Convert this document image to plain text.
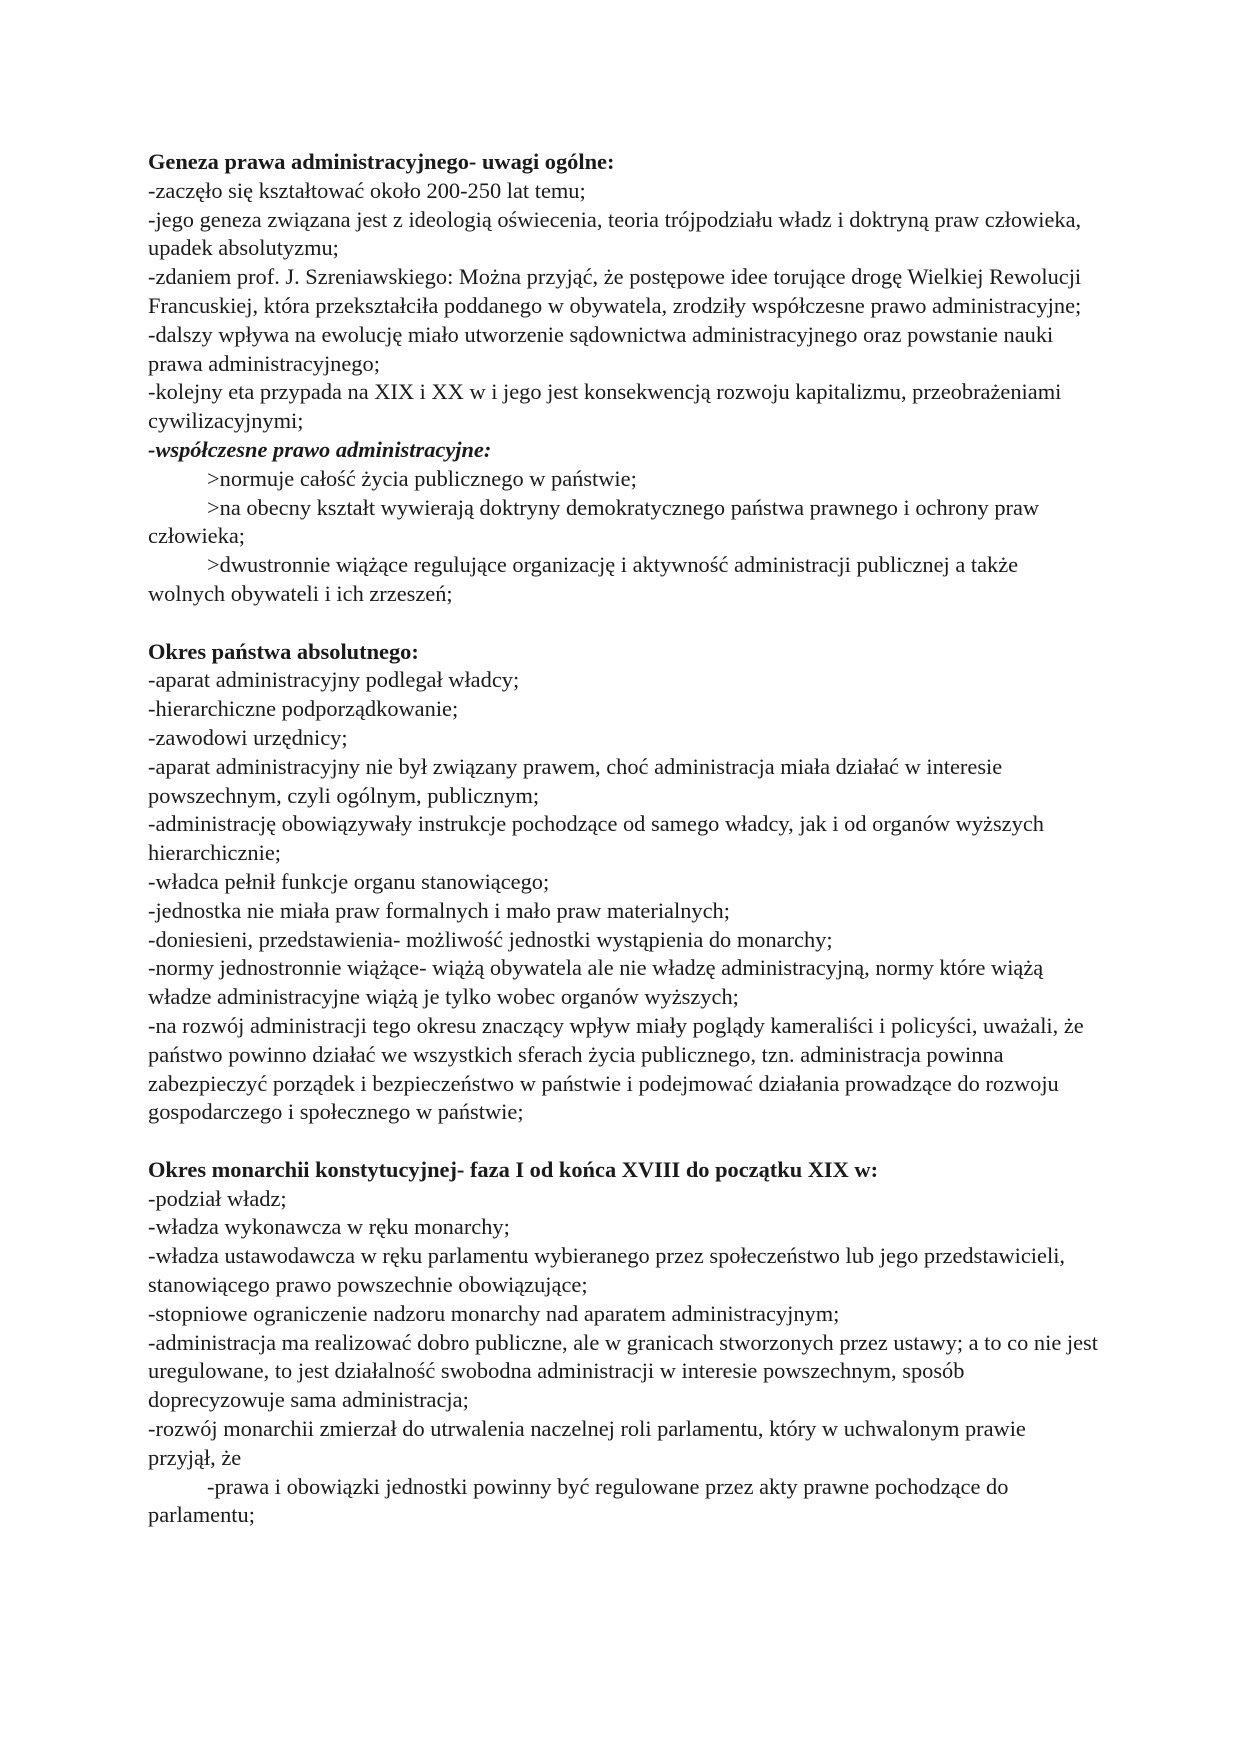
Geneza prawa administracyjnego- uwagi ogólne:

-zaczęło się kształtować około 200-250 lat temu;

-jego geneza związana jest z ideologią oświecenia, teoria trójpodziału władz i doktryną praw człowieka, upadek absolutyzmu;

-zdaniem prof. J. Szreniawskiego: Można przyjąć, że postępowe idee torujące drogę Wielkiej Rewolucji Francuskiej, która przekształciła poddanego w obywatela, zrodziły współczesne prawo administracyjne;

-dalszy wpływa na ewolucję miało utworzenie sądownictwa administracyjnego oraz powstanie nauki prawa administracyjnego;

-kolejny eta przypada na XIX i XX w i jego jest konsekwencją rozwoju kapitalizmu, przeobrażeniami cywilizacyjnymi;

-współczesne prawo administracyjne:

>normuje całość życia publicznego w państwie;

>na obecny kształt wywierają doktryny demokratycznego państwa prawnego i ochrony praw człowieka;

>dwustronnie wiążące regulujące organizację i aktywność administracji publicznej a także wolnych obywateli i ich zrzeszeń;

Okres państwa absolutnego:

-aparat administracyjny podlegał władcy;

-hierarchiczne podporządkowanie;

-zawodowi urzędnicy;

-aparat administracyjny nie był związany prawem, choć administracja miała działać w interesie powszechnym, czyli ogólnym, publicznym;

-administrację obowiązywały instrukcje pochodzące od samego władcy, jak i od organów wyższych hierarchicznie;

-władca pełnił funkcje organu stanowiącego;

-jednostka nie miała praw formalnych i mało praw materialnych;

-doniesieni, przedstawienia- możliwość jednostki wystąpienia do monarchy;

-normy jednostronnie wiążące- wiążą obywatela ale nie władzę administracyjną, normy które wiążą władze administracyjne wiążą je tylko wobec organów wyższych;

-na rozwój administracji tego okresu znaczący wpływ miały poglądy kameraliści i policyści, uważali, że państwo powinno działać we wszystkich sferach życia publicznego, tzn. administracja powinna zabezpieczyć porządek i bezpieczeństwo w państwie i podejmować działania prowadzące do rozwoju gospodarczego i społecznego w państwie;

Okres monarchii konstytucyjnej- faza I od końca XVIII do początku XIX w:

-podział władz;

-władza wykonawcza w ręku monarchy;

-władza ustawodawcza w ręku parlamentu wybieranego przez społeczeństwo lub jego przedstawicieli, stanowiącego prawo powszechnie obowiązujące;

-stopniowe ograniczenie nadzoru monarchy nad aparatem administracyjnym;

-administracja ma realizować dobro publiczne, ale w granicach stworzonych przez ustawy; a to co nie jest uregulowane, to jest działalność swobodna administracji w interesie powszechnym, sposób doprecyzowuje sama administracja;

-rozwój monarchii zmierzał do utrwalenia naczelnej roli parlamentu, który w uchwalonym prawie przyjął, że

-prawa i obowiązki jednostki powinny być regulowane przez akty prawne pochodzące do parlamentu;
